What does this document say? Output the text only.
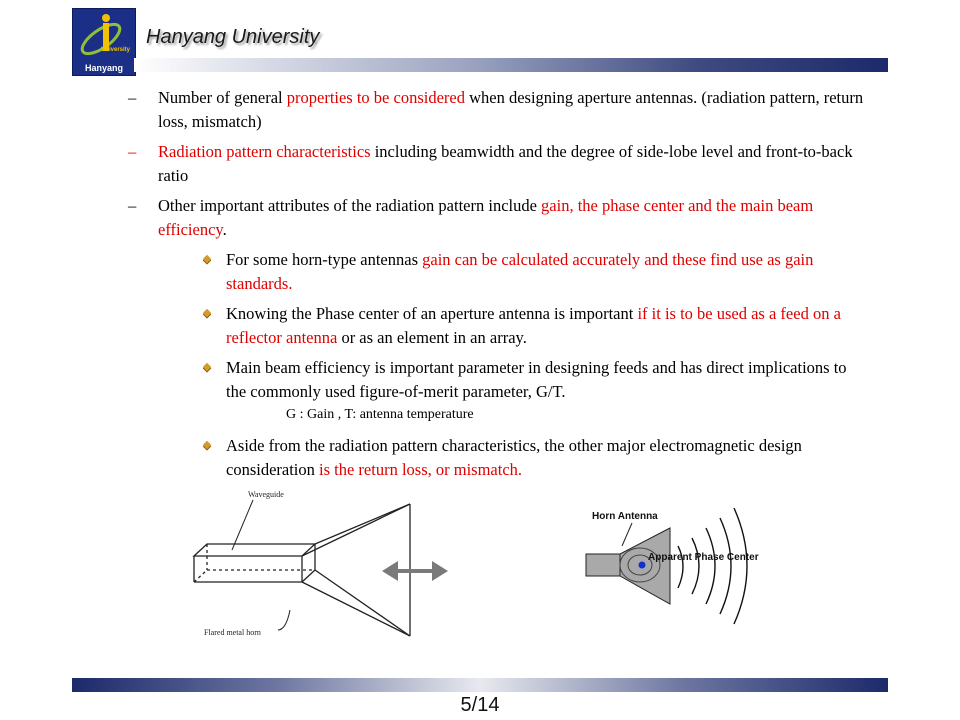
University
Hanyang
Hanyang University
– Number of general properties to be considered when designing aperture antennas. (radiation pattern, return loss, mismatch)
– Radiation pattern characteristics including beamwidth and the degree of side-lobe level and front-to-back ratio
– Other important attributes of the radiation pattern include gain, the phase center and the main beam efficiency.
For some horn-type antennas gain can be calculated accurately and these find use as gain standards.
Knowing the Phase center of an aperture antenna is important if it is to be used as a feed on a reflector antenna or as an element in an array.
Main beam efficiency is important parameter in designing feeds and has direct implications to the commonly used figure-of-merit parameter, G/T.
G : Gain , T: antenna temperature
Aside from the radiation pattern characteristics, the other major electromagnetic design consideration is the return loss, or mismatch.
Waveguide
Flared metal horn
Horn Antenna
Apparent Phase Center
5/14
